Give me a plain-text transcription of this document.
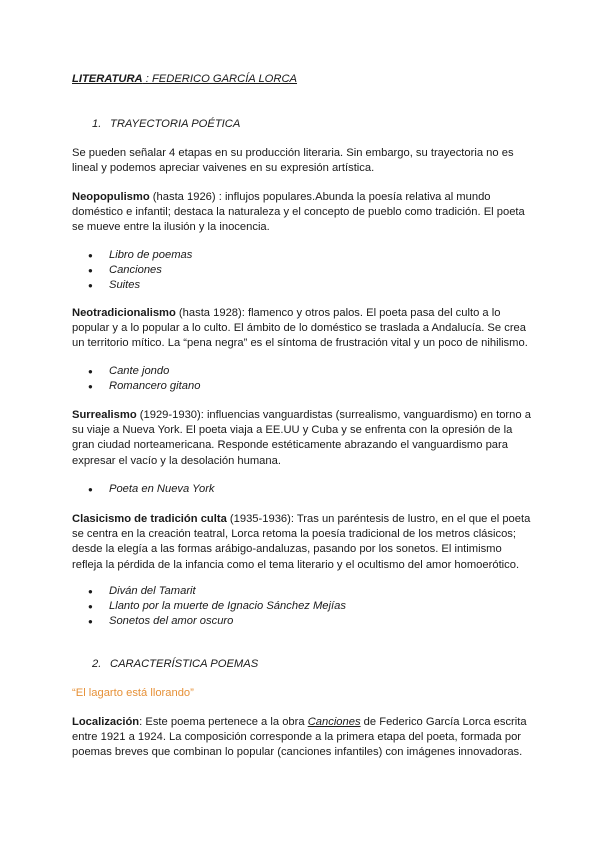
LITERATURA : FEDERICO GARCÍA LORCA

1. TRAYECTORIA POÉTICA

Se pueden señalar 4 etapas en su producción literaria. Sin embargo, su trayectoria no es lineal y podemos apreciar vaivenes en su expresión artística.

Neopopulismo (hasta 1926) : influjos populares.Abunda la poesía relativa al mundo doméstico e infantil; destaca la naturaleza y el concepto de pueblo como tradición. El poeta se mueve entre la ilusión y la inocencia.

● Libro de poemas
● Canciones
● Suites

Neotradicionalismo (hasta 1928): flamenco y otros palos. El poeta pasa del culto a lo popular y a lo popular a lo culto. El ámbito de lo doméstico se traslada a Andalucía. Se crea un territorio mítico. La “pena negra” es el síntoma de frustración vital y un poco de nihilismo.

● Cante jondo
● Romancero gitano

Surrealismo (1929-1930): influencias vanguardistas (surrealismo, vanguardismo) en torno a su viaje a Nueva York. El poeta viaja a EE.UU y Cuba y se enfrenta con la opresión de la gran ciudad norteamericana. Responde estéticamente abrazando el vanguardismo para expresar el vacío y la desolación humana.

● Poeta en Nueva York

Clasicismo de tradición culta (1935-1936): Tras un paréntesis de lustro, en el que el poeta se centra en la creación teatral, Lorca retoma la poesía tradicional de los metros clásicos; desde la elegía a las formas arábigo-andaluzas, pasando por los sonetos. El intimismo refleja la pérdida de la infancia como el tema literario y el ocultismo del amor homoerótico.

● Diván del Tamarit
● Llanto por la muerte de Ignacio Sánchez Mejías
● Sonetos del amor oscuro

2. CARACTERÍSTICA POEMAS

“El lagarto está llorando”

Localización: Este poema pertenece a la obra Canciones de Federico García Lorca escrita entre 1921 a 1924. La composición corresponde a la primera etapa del poeta, formada por poemas breves que combinan lo popular (canciones infantiles) con imágenes innovadoras.
